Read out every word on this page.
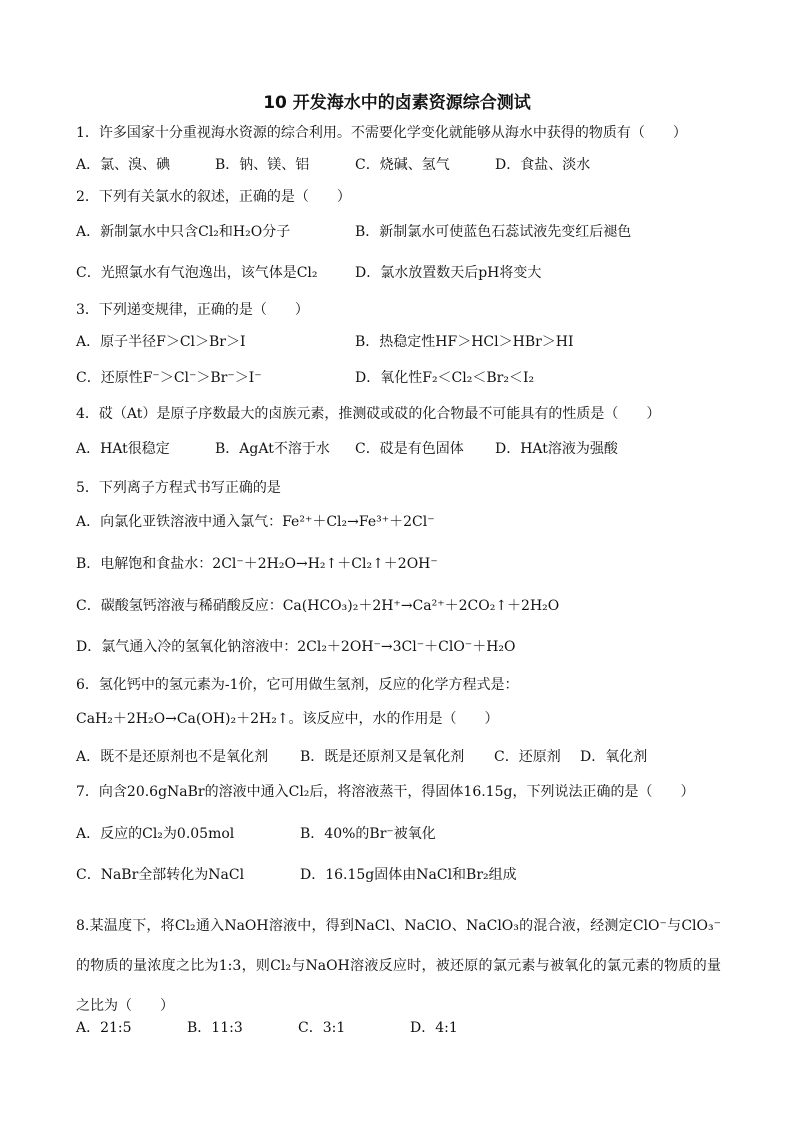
10 开发海水中的卤素资源综合测试
1．许多国家十分重视海水资源的综合利用。不需要化学变化就能够从海水中获得的物质有（　　）
A．氯、溴、碘	B．钠、镁、铝	C．烧碱、氢气	D．食盐、淡水
2．下列有关氯水的叙述，正确的是（　　）
A．新制氯水中只含Cl₂和H₂O分子	B．新制氯水可使蓝色石蕊试液先变红后褪色
C．光照氯水有气泡逸出，该气体是Cl₂	D．氯水放置数天后pH将变大
3．下列递变规律，正确的是（　　）
A．原子半径F＞Cl＞Br＞I	B．热稳定性HF＞HCl＞HBr＞HI
C．还原性F⁻＞Cl⁻＞Br⁻＞I⁻	D．氧化性F₂＜Cl₂＜Br₂＜I₂
4．砹（At）是原子序数最大的卤族元素，推测砹或砹的化合物最不可能具有的性质是（　　）
A．HAt很稳定	B．AgAt不溶于水 C．砹是有色固体 D．HAt溶液为强酸
5．下列离子方程式书写正确的是
A．向氯化亚铁溶液中通入氯气：Fe²⁺＋Cl₂→Fe³⁺＋2Cl⁻
B．电解饱和食盐水：2Cl⁻＋2H₂O→H₂↑＋Cl₂↑＋2OH⁻
C．碳酸氢钙溶液与稀硝酸反应：Ca(HCO₃)₂＋2H⁺→Ca²⁺＋2CO₂↑＋2H₂O
D．氯气通入冷的氢氧化钠溶液中：2Cl₂＋2OH⁻→3Cl⁻＋ClO⁻＋H₂O
6．氢化钙中的氢元素为-1价，它可用做生氢剂，反应的化学方程式是：
CaH₂＋2H₂O→Ca(OH)₂＋2H₂↑。该反应中，水的作用是（　　）
A．既不是还原剂也不是氧化剂 B．既是还原剂又是氧化剂 C．还原剂 D．氧化剂
7．向含20.6gNaBr的溶液中通入Cl₂后，将溶液蒸干，得固体16.15g，下列说法正确的是（　　）
A．反应的Cl₂为0.05mol	B．40%的Br⁻被氧化
C．NaBr全部转化为NaCl	D．16.15g固体由NaCl和Br₂组成
8.某温度下，将Cl₂通入NaOH溶液中，得到NaCl、NaClO、NaClO₃的混合液，经测定ClO⁻与ClO₃⁻的物质的量浓度之比为1:3，则Cl₂与NaOH溶液反应时，被还原的氯元素与被氧化的氯元素的物质的量之比为（　　）
A．21:5	B．11:3	C．3:1	D．4:1
